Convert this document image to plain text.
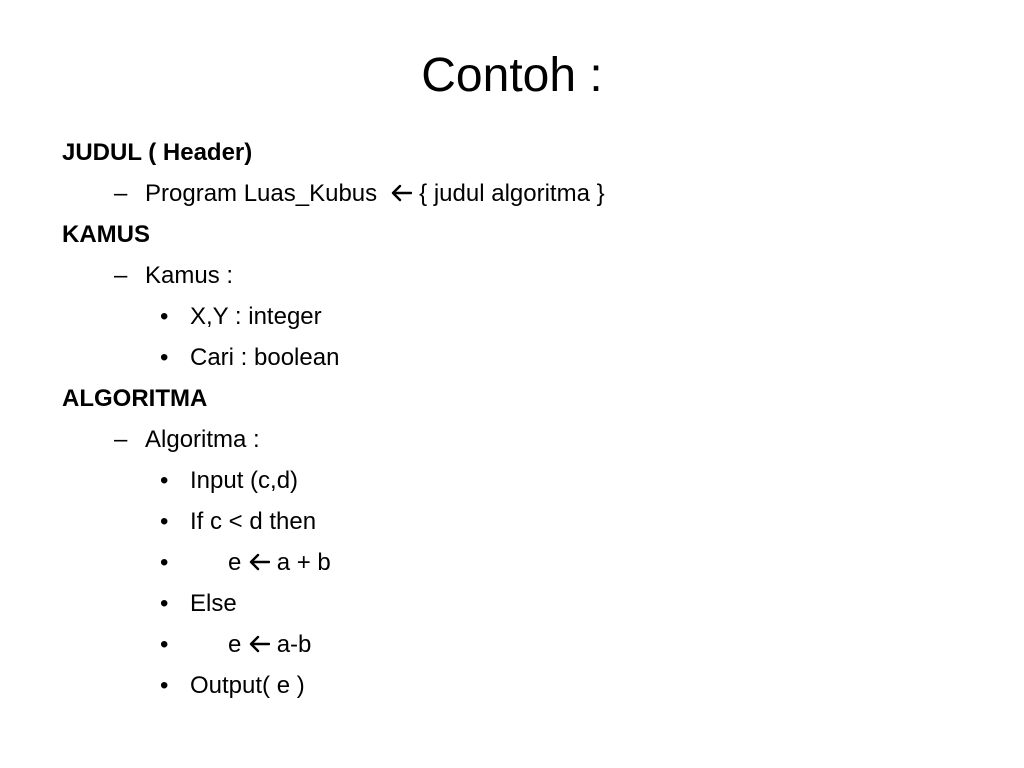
Contoh :
JUDUL ( Header)
– Program Luas_Kubus
{ judul algoritma }
KAMUS
– Kamus :
• X,Y : integer
• Cari : boolean
ALGORITMA
– Algoritma :
• Input (c,d)
• If c < d then
• e a + b
• Else
• e a-b
• Output( e )
